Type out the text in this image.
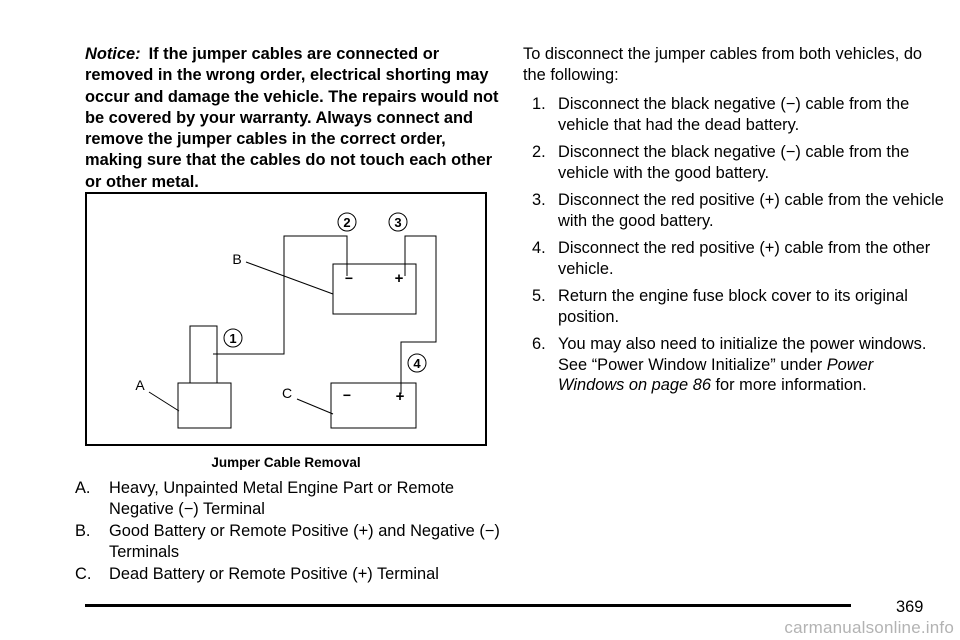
Notice: If the jumper cables are connected or removed in the wrong order, electrical shorting may occur and damage the vehicle. The repairs would not be covered by your warranty. Always connect and remove the jumper cables in the correct order, making sure that the cables do not touch each other or other metal.

−	+
−	+
B
A	C
1
2	3
4

Jumper Cable Removal

A. Heavy, Unpainted Metal Engine Part or Remote Negative (−) Terminal
B. Good Battery or Remote Positive (+) and Negative (−) Terminals
C. Dead Battery or Remote Positive (+) Terminal

To disconnect the jumper cables from both vehicles, do the following:

1. Disconnect the black negative (−) cable from the vehicle that had the dead battery.
2. Disconnect the black negative (−) cable from the vehicle with the good battery.
3. Disconnect the red positive (+) cable from the vehicle with the good battery.
4. Disconnect the red positive (+) cable from the other vehicle.
5. Return the engine fuse block cover to its original position.
6. You may also need to initialize the power windows. See “Power Window Initialize” under Power Windows on page 86 for more information.
369
carmanualsonline.info
